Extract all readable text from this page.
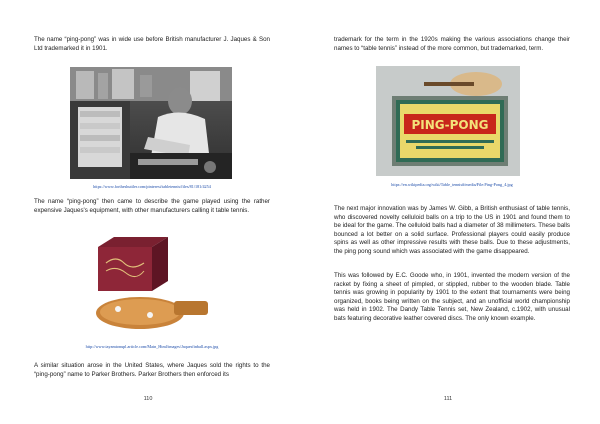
The name “ping-pong” was in wide use before British manufacturer J. Jaques & Son Ltd trademarked it in 1901.
https://www.fortheshuttler.com/pinterest/tabletennis/files/81/181/4254
The name “ping-pong” then came to describe the game played using the rather expensive Jaques's equipment, with other manufacturers calling it table tennis.
http://www.tayamtonupl.article.com/Main_Html/images/Jaquesfinball.aspx.jpg
A similar situation arose in the United States, where Jaques sold the rights to the “ping-pong” name to Parker Brothers. Parker Brothers then enforced its
110
trademark for the term in the 1920s making the various associations change their names to “table tennis” instead of the more common, but trademarked, term.
PING-PONG
https://en.wikipedia.org/wiki/Table_tennis#/media/File:Ping-Pong_4.jpg
The next major innovation was by James W. Gibb, a British enthusiast of table tennis, who discovered novelty celluloid balls on a trip to the US in 1901 and found them to be ideal for the game. The celluloid balls had a diameter of 38 millimeters. These balls bounced a lot better on a solid surface. Professional players could easily produce spins as well as other impressive results with these balls. Due to these adjustments, the ping pong sound which was associated with the game disappeared.
This was followed by E.C. Goode who, in 1901, invented the modern version of the racket by fixing a sheet of pimpled, or stippled, rubber to the wooden blade. Table tennis was growing in popularity by 1901 to the extent that tournaments were being organized, books being written on the subject, and an unofficial world championship was held in 1902. The Dandy Table Tennis set, New Zealand, c.1902, with unusual bats featuring decorative leather covered discs. The only known example.
111
